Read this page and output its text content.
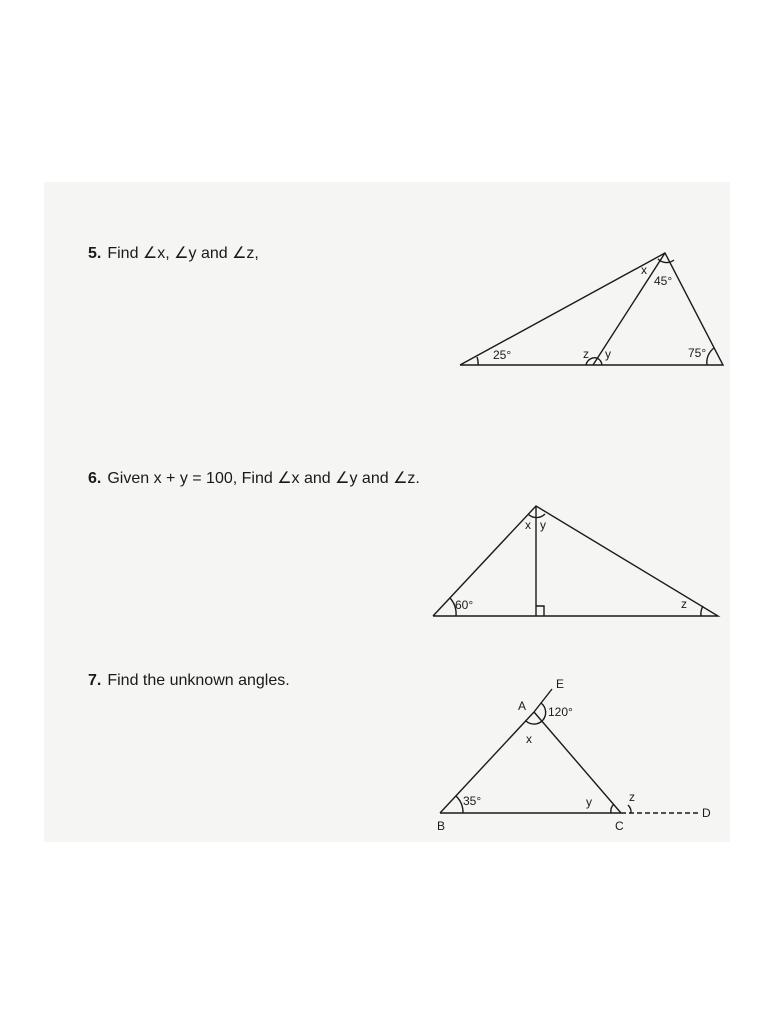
5. Find ∠x, ∠y and ∠z,
25°
45°
75°
x
z y
6. Given x + y = 100, Find ∠x and ∠y and ∠z.
60°
x y
z
7. Find the unknown angles.	E
A
B	C
D
120°
x
35°	y	z
